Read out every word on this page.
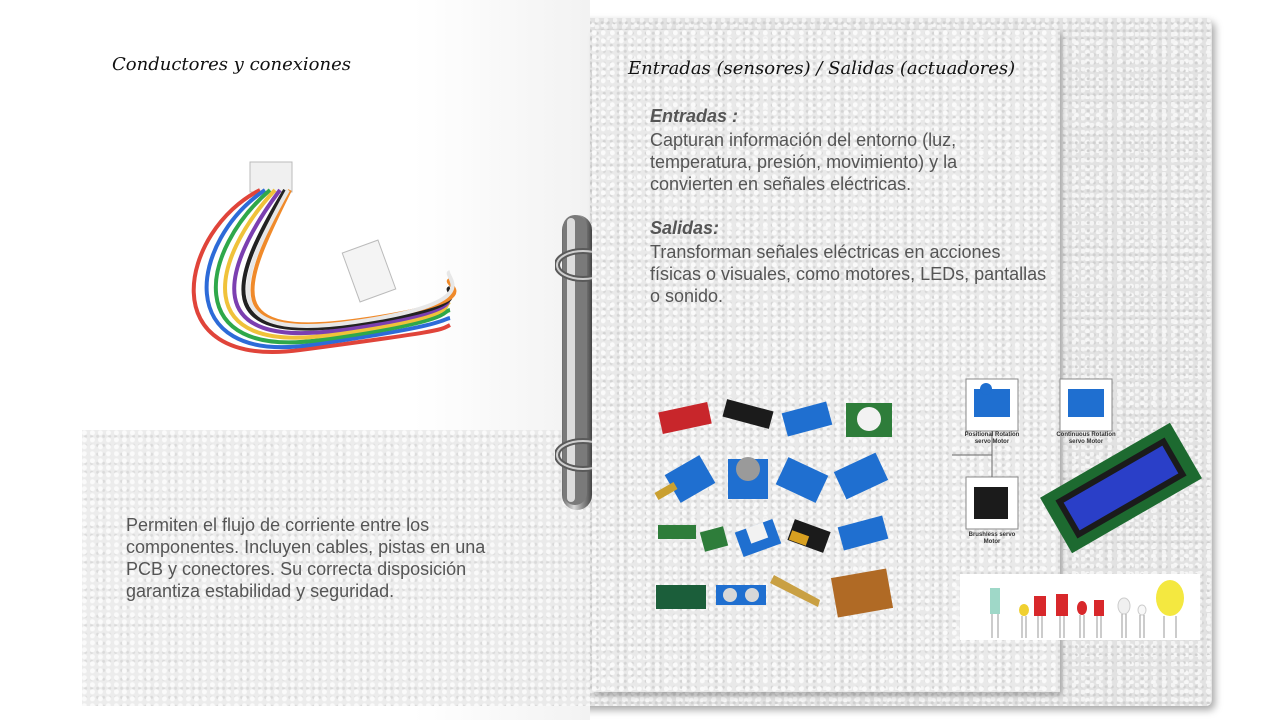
Conductores y conexiones

Permiten el flujo de corriente entre los componentes. Incluyen cables, pistas en una PCB y conectores. Su correcta disposición garantiza estabilidad y seguridad.

Entradas (sensores) / Salidas (actuadores)
Entradas :

Capturan información del entorno (luz, temperatura, presión, movimiento) y la convierten en señales eléctricas.

Salidas:

Transforman señales eléctricas en acciones físicas o visuales, como motores, LEDs, pantallas o sonido.

Positional Rotation servo Motor
Continuous Rotation servo Motor
Brushless servo Motor
